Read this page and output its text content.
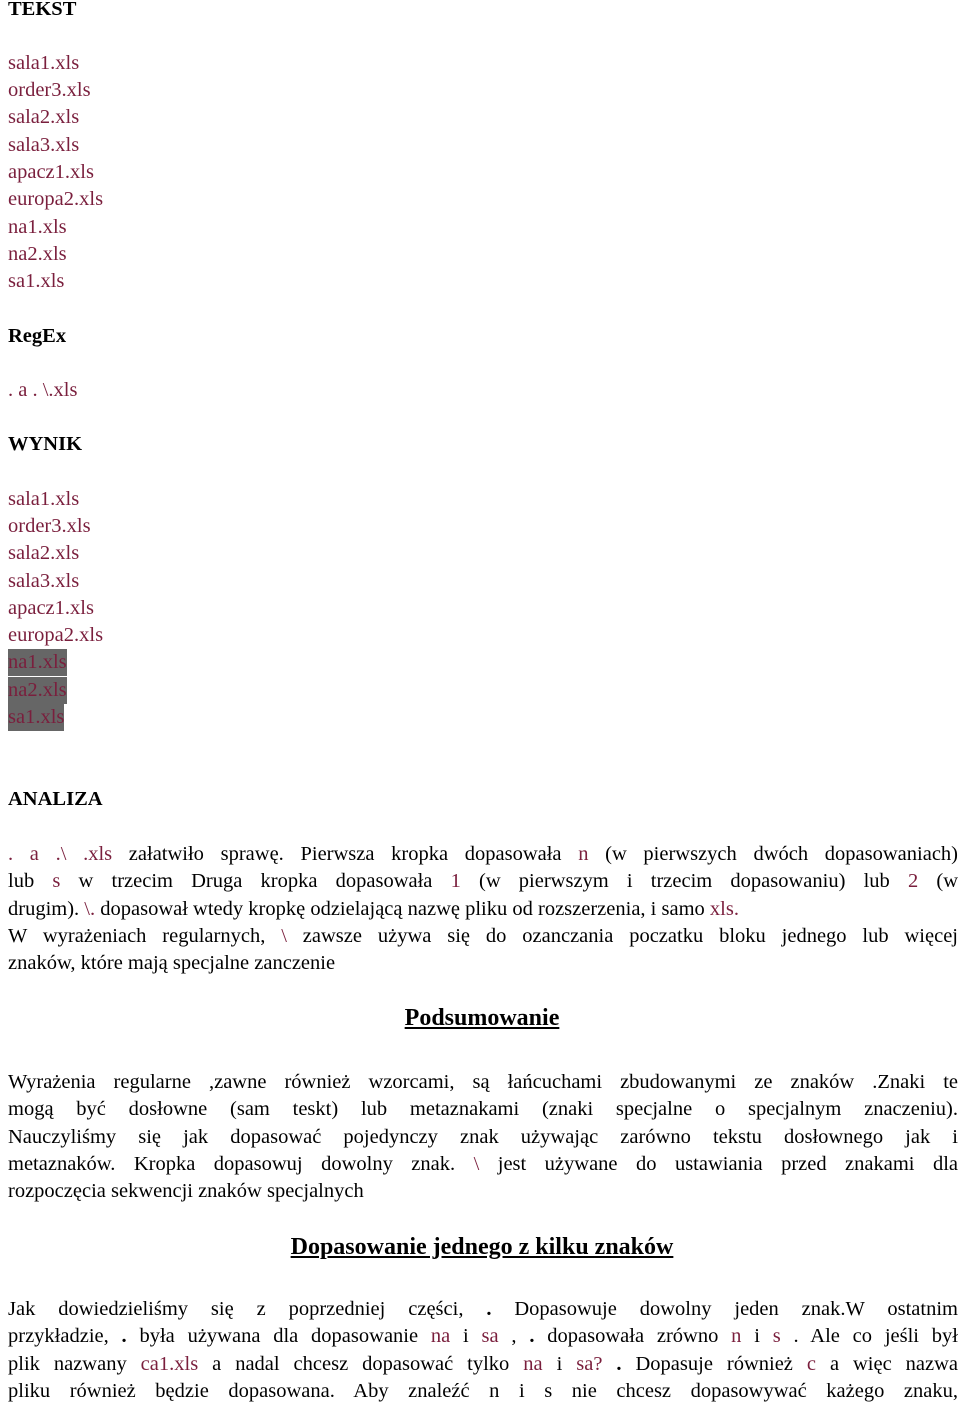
TEKST
sala1.xls
order3.xls
sala2.xls
sala3.xls
apacz1.xls
europa2.xls
na1.xls
na2.xls
sa1.xls
RegEx
. a . \.xls
WYNIK
sala1.xls
order3.xls
sala2.xls
sala3.xls
apacz1.xls
europa2.xls
na1.xls
na2.xls
sa1.xls
ANALIZA
. a .\ .xls załatwiło sprawę. Pierwsza kropka dopasowała n (w pierwszych dwóch dopasowaniach)
lub s w trzecim Druga kropka dopasowała 1 (w pierwszym i trzecim dopasowaniu) lub 2 (w
drugim). \. dopasował wtedy kropkę odzielającą nazwę pliku od rozszerzenia, i samo xls.
W wyrażeniach regularnych, \ zawsze używa się do ozanczania poczatku bloku jednego lub więcej
znaków, które mają specjalne zanczenie
Podsumowanie
Wyrażenia regularne ,zawne również wzorcami, są łańcuchami zbudowanymi ze znaków .Znaki te
mogą być dosłowne (sam teskt) lub metaznakami (znaki specjalne o specjalnym znaczeniu).
Nauczyliśmy się jak dopasować pojedynczy znak używając zarówno tekstu dosłownego jak i
metaznaków. Kropka dopasowuj dowolny znak. \ jest używane do ustawiania przed znakami dla
rozpoczęcia sekwencji znaków specjalnych
Dopasowanie jednego z kilku znaków
Jak dowiedzieliśmy się z poprzedniej części, . Dopasowuje dowolny jeden znak.W ostatnim
przykładzie, . była używana dla dopasowanie na i sa , . dopasowała zrówno n i s . Ale co jeśli był
plik nazwany ca1.xls a nadal chcesz dopasować tylko na i sa? . Dopasuje również c a więc nazwa
pliku również będzie dopasowana. Aby znaleźć n i s nie chcesz dopasowywać każego znaku,
